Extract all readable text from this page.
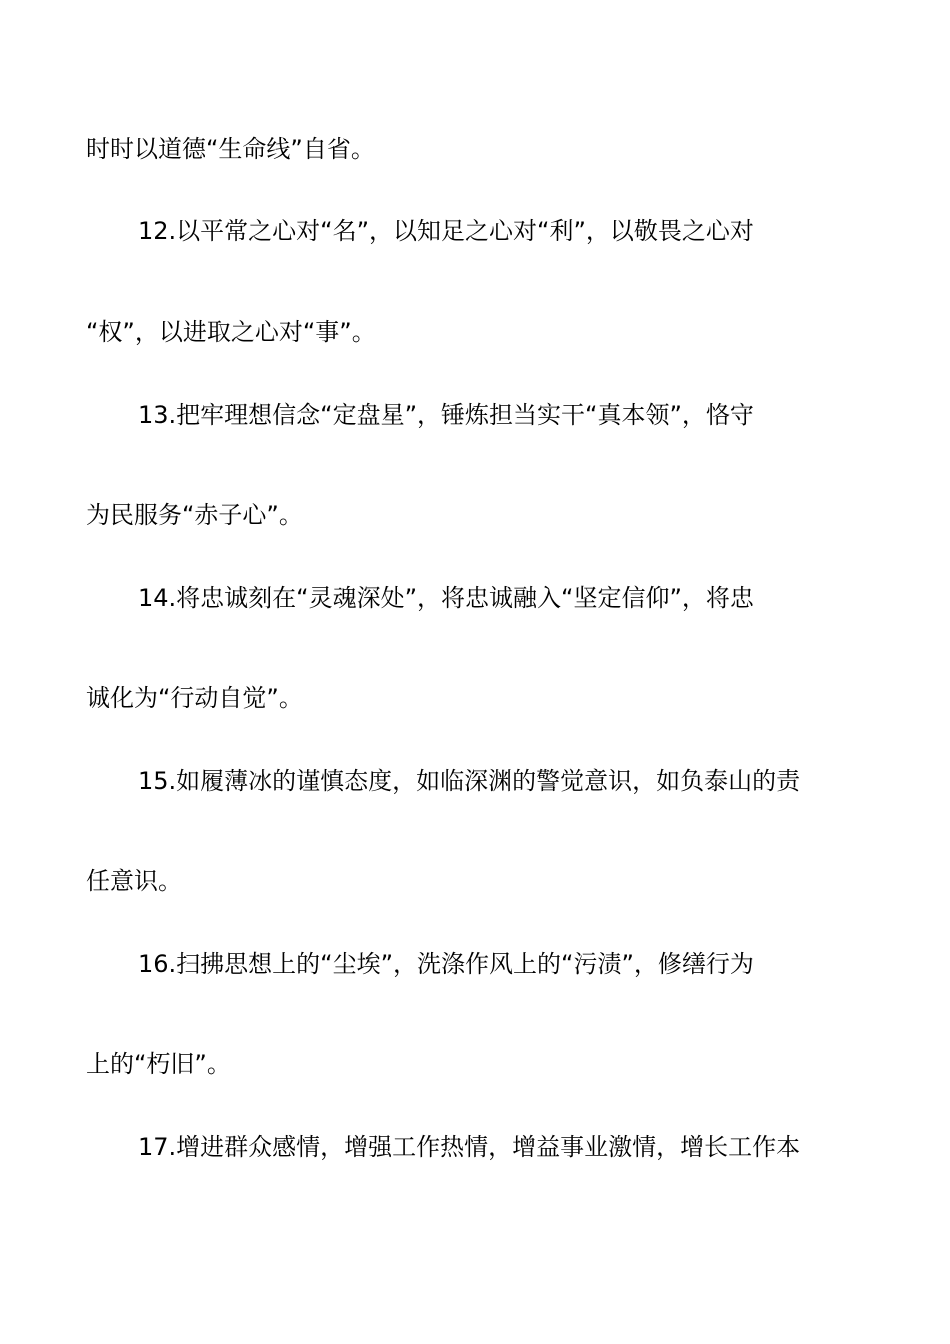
时时以道德“生命线”自省。
12.以平常之心对“名”，以知足之心对“利”，以敬畏之心对
“权”，以进取之心对“事”。
13.把牢理想信念“定盘星”，锤炼担当实干“真本领”，恪守
为民服务“赤子心”。
14.将忠诚刻在“灵魂深处”，将忠诚融入“坚定信仰”，将忠
诚化为“行动自觉”。
15.如履薄冰的谨慎态度，如临深渊的警觉意识，如负泰山的责
任意识。
16.扫拂思想上的“尘埃”，洗涤作风上的“污渍”，修缮行为
上的“朽旧”。
17.增进群众感情，增强工作热情，增益事业激情，增长工作本
